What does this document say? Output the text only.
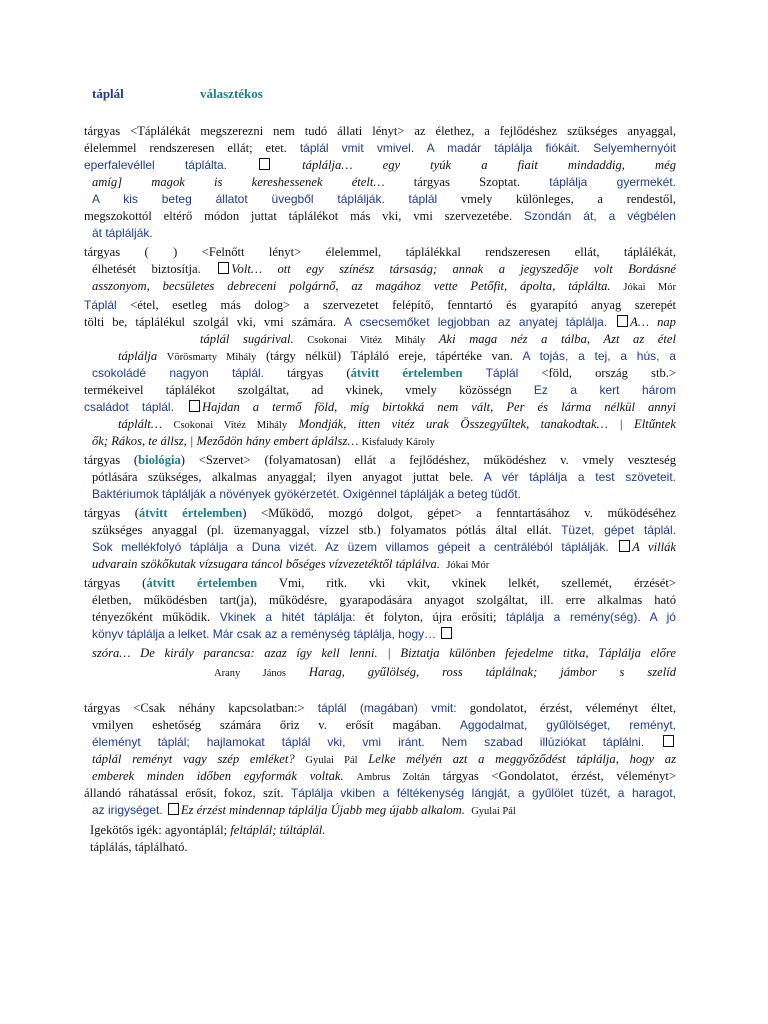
táplál	választékos
tárgyas <Táplálékát megszerezni nem tudó állati lényt> az élethez, a fejlődéshez szükséges anyaggal,
élelemmel rendszeresen ellát; etet. táplál vmit vmivel. A madár táplálja fiókáit. Selyemhernyóit
eperfalevéllel táplálta.	táplálja… egy tyúk a fiait mindaddig, még
amíg] magok is kereshessenek ételt… tárgyas Szoptat. táplálja gyermekét.
A kis beteg állatot üvegből táplálják. táplál vmely különleges, a rendestől,
megszokottól eltérő módon juttat táplálékot más vki, vmi szervezetébe. Szondán át, a végbélen
át táplálják.
tárgyas ( ) <Felnőtt lényt> élelemmel, táplálékkal rendszeresen ellát, táplálékát,
élhetését biztosítja. Volt… ott egy színész társaság; annak a jegyszedője volt Bordásné
asszonyom, becsületes debreceni polgárnő, az magához vette Petőfit, ápolta, táplálta. Jókai Mór
Táplál <étel, esetleg más dolog> a szervezetet felépítő, fenntartó és gyarapító anyag szerepét
tölti be, táplálékul szolgál vki, vmi számára. A csecsemőket legjobban az anyatej táplálja. A… nap
táplál sugárival. Csokonai Vitéz Mihály Aki maga néz a tálba, Azt az étel
táplálja Vörösmarty Mihály (tárgy nélkül) Tápláló ereje, tápértéke van. A tojás, a tej, a hús, a
csokoládé nagyon táplál. tárgyas (átvitt értelemben Táplál <föld, ország stb.>
termékeivel táplálékot szolgáltat, ad vkinek, vmely közösségn Ez a kert három
családot táplál. Hajdan a termő föld, míg birtokká nem vált, Per és lárma nélkül annyi
táplált… Csokonai Vitéz Mihály Mondják, itten vitéz urak Összegyűltek, tanakodtak… | Eltűntek
ők; Rákos, te állsz, | Meződön hány embert áplálsz… Kisfaludy Károly
tárgyas (biológia) <Szervet> (folyamatosan) ellát a fejlődéshez, működéshez v. vmely veszteség
pótlására szükséges, alkalmas anyaggal; ilyen anyagot juttat bele. A vér táplálja a test szöveteit.
Baktériumok táplálják a növények gyökérzetét. Oxigénnel táplálják a beteg tüdőt.
tárgyas (átvitt értelemben) <Működő, mozgó dolgot, gépet> a fenntartásához v. működéséhez
szükséges anyaggal (pl. üzemanyaggal, vízzel stb.) folyamatos pótlás által ellát. Tüzet, gépet táplál.
Sok mellékfolyó táplálja a Duna vizét. Az üzem villamos gépeit a centráléból táplálják. A villák
udvarain szökőkutak vízsugara táncol bőséges vízvezetéktől táplálva. Jókai Mór
tárgyas (átvitt értelemben Vmi, ritk. vki vkit, vkinek lelkét, szellemét, érzését>
életben, működésben tart(ja), működésre, gyarapodására anyagot szolgáltat, ill. erre alkalmas ható
tényezőként működik. Vkinek a hitét táplálja: ét folyton, újra erősíti; táplálja a remény(ség). A jó
könyv táplálja a lelket. Már csak az a reménység táplálja, hogy…
szóra… De király parancsa: azaz így kell lenni. | Biztatja különben fejedelme titka, Táplálja előre
Arany János Harag, gyűlölség, ross táplálnak; jámbor s szelíd
tárgyas <Csak néhány kapcsolatban:> táplál (magában) vmit: gondolatot, érzést, véleményt éltet,
vmilyen eshetőség számára őriz v. erősít magában. Aggodalmat, gyűlölséget, reményt,
éleményt táplál; hajlamokat táplál vki, vmi iránt. Nem szabad illúziókat táplálni.
táplál reményt vagy szép emléket? Gyulai Pál Lelke mélyén azt a meggyőződést táplálja, hogy az
emberek minden időben egyformák voltak. Ambrus Zoltán tárgyas <Gondolatot, érzést, véleményt>
állandó ráhatással erősít, fokoz, szít. Táplálja vkiben a féltékenység lángját, a gyűlölet tüzét, a haragot,
az irigységet. Ez érzést mindennap táplálja Újabb meg újabb alkalom. Gyulai Pál
Igekötős igék: agyontáplál; feltáplál; túltáplál.
táplálás, táplálható.
